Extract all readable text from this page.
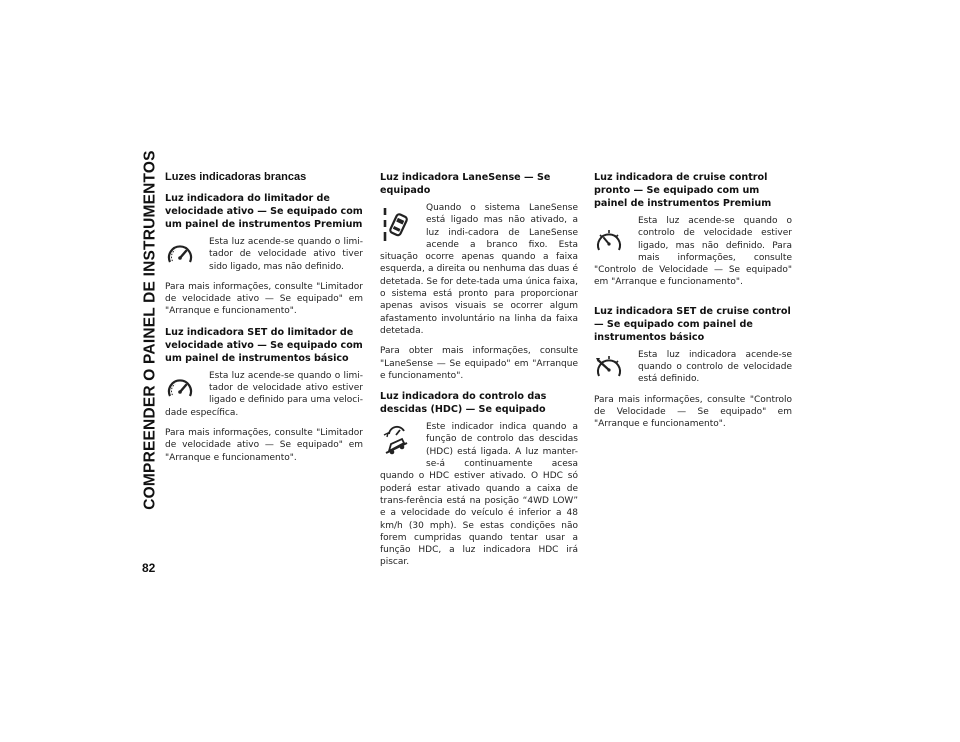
COMPREENDER O PAINEL DE INSTRUMENTOS
82
Luzes indicadoras brancas
Luz indicadora do limitador de velocidade ativo — Se equipado com um painel de instrumentos Premium

Esta luz acende-se quando o limi-tador de velocidade ativo tiver sido ligado, mas não definido.

Para mais informações, consulte "Limitador de velocidade ativo — Se equipado" em "Arranque e funcionamento".

Luz indicadora SET do limitador de velocidade ativo — Se equipado com um painel de instrumentos básico

Esta luz acende-se quando o limi-tador de velocidade ativo estiver ligado e definido para uma veloci-dade específica.

Para mais informações, consulte "Limitador de velocidade ativo — Se equipado" em "Arranque e funcionamento".

Luz indicadora LaneSense — Se equipado

Quando o sistema LaneSense está ligado mas não ativado, a luz indi-cadora de LaneSense acende a branco fixo. Esta situação ocorre apenas quando a faixa esquerda, a direita ou nenhuma das duas é detetada. Se for dete-tada uma única faixa, o sistema está pronto para proporcionar apenas avisos visuais se ocorrer algum afastamento involuntário na linha da faixa detetada.

Para obter mais informações, consulte "LaneSense — Se equipado" em "Arranque e funcionamento".

Luz indicadora do controlo das descidas (HDC) — Se equipado

Este indicador indica quando a função de controlo das descidas (HDC) está ligada. A luz manter-se-á continuamente acesa quando o HDC estiver ativado. O HDC só poderá estar ativado quando a caixa de trans-ferência está na posição “4WD LOW” e a velocidade do veículo é inferior a 48 km/h (30 mph). Se estas condições não forem cumpridas quando tentar usar a função HDC, a luz indicadora HDC irá piscar.

Luz indicadora de cruise control pronto — Se equipado com um painel de instrumentos Premium

Esta luz acende-se quando o controlo de velocidade estiver ligado, mas não definido. Para mais informações, consulte "Controlo de Velocidade — Se equipado" em "Arranque e funcionamento".

Luz indicadora SET de cruise control — Se equipado com painel de instrumentos básico

Esta luz indicadora acende-se quando o controlo de velocidade está definido.

Para mais informações, consulte "Controlo de Velocidade — Se equipado" em "Arranque e funcionamento".
